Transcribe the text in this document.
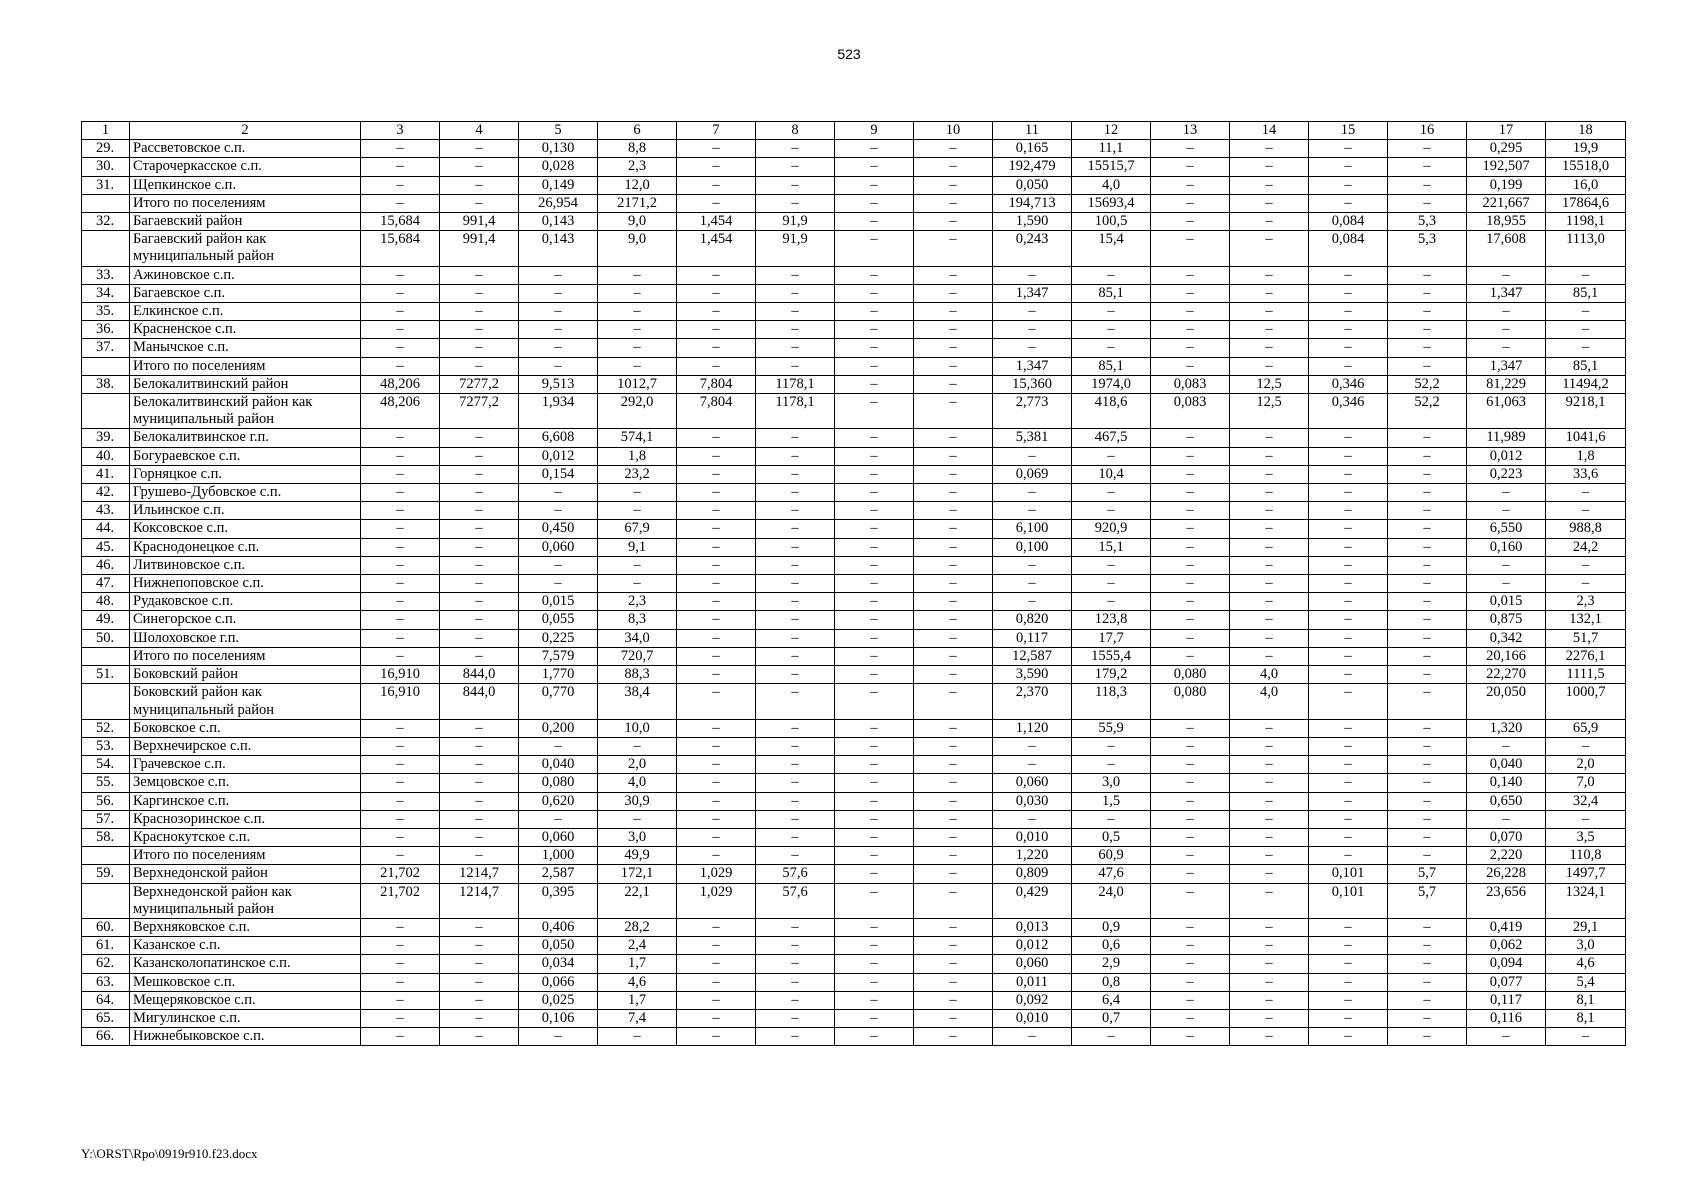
523
1	2	3	4	5	6	7	8	9	10	11	12	13	14	15	16	17	18
29.	Рассветовское с.п.	–	–	0,130	8,8	–	–	–	–	0,165	11,1	–	–	–	–	0,295	19,9
30.	Старочеркасское с.п.	–	–	0,028	2,3	–	–	–	–	192,479	15515,7	–	–	–	–	192,507	15518,0
31.	Щепкинское с.п.	–	–	0,149	12,0	–	–	–	–	0,050	4,0	–	–	–	–	0,199	16,0
	Итого по поселениям	–	–	26,954	2171,2	–	–	–	–	194,713	15693,4	–	–	–	–	221,667	17864,6
32.	Багаевский район	15,684	991,4	0,143	9,0	1,454	91,9	–	–	1,590	100,5	–	–	0,084	5,3	18,955	1198,1
	Багаевский район как муниципальный район	15,684	991,4	0,143	9,0	1,454	91,9	–	–	0,243	15,4	–	–	0,084	5,3	17,608	1113,0
33.	Ажиновское с.п.	–	–	–	–	–	–	–	–	–	–	–	–	–	–	–	–
34.	Багаевское с.п.	–	–	–	–	–	–	–	–	1,347	85,1	–	–	–	–	1,347	85,1
35.	Елкинское с.п.	–	–	–	–	–	–	–	–	–	–	–	–	–	–	–	–
36.	Красненское с.п.	–	–	–	–	–	–	–	–	–	–	–	–	–	–	–	–
37.	Манычское с.п.	–	–	–	–	–	–	–	–	–	–	–	–	–	–	–	–
	Итого по поселениям	–	–	–	–	–	–	–	–	1,347	85,1	–	–	–	–	1,347	85,1
38.	Белокалитвинский район	48,206	7277,2	9,513	1012,7	7,804	1178,1	–	–	15,360	1974,0	0,083	12,5	0,346	52,2	81,229	11494,2
	Белокалитвинский район как муниципальный район	48,206	7277,2	1,934	292,0	7,804	1178,1	–	–	2,773	418,6	0,083	12,5	0,346	52,2	61,063	9218,1
39.	Белокалитвинское г.п.	–	–	6,608	574,1	–	–	–	–	5,381	467,5	–	–	–	–	11,989	1041,6
40.	Богураевское с.п.	–	–	0,012	1,8	–	–	–	–	–	–	–	–	–	–	0,012	1,8
41.	Горняцкое с.п.	–	–	0,154	23,2	–	–	–	–	0,069	10,4	–	–	–	–	0,223	33,6
42.	Грушево-Дубовское с.п.	–	–	–	–	–	–	–	–	–	–	–	–	–	–	–	–
43.	Ильинское с.п.	–	–	–	–	–	–	–	–	–	–	–	–	–	–	–	–
44.	Коксовское с.п.	–	–	0,450	67,9	–	–	–	–	6,100	920,9	–	–	–	–	6,550	988,8
45.	Краснодонецкое с.п.	–	–	0,060	9,1	–	–	–	–	0,100	15,1	–	–	–	–	0,160	24,2
46.	Литвиновское с.п.	–	–	–	–	–	–	–	–	–	–	–	–	–	–	–	–
47.	Нижнепоповское с.п.	–	–	–	–	–	–	–	–	–	–	–	–	–	–	–	–
48.	Рудаковское с.п.	–	–	0,015	2,3	–	–	–	–	–	–	–	–	–	–	0,015	2,3
49.	Синегорское с.п.	–	–	0,055	8,3	–	–	–	–	0,820	123,8	–	–	–	–	0,875	132,1
50.	Шолоховское г.п.	–	–	0,225	34,0	–	–	–	–	0,117	17,7	–	–	–	–	0,342	51,7
	Итого по поселениям	–	–	7,579	720,7	–	–	–	–	12,587	1555,4	–	–	–	–	20,166	2276,1
51.	Боковский район	16,910	844,0	1,770	88,3	–	–	–	–	3,590	179,2	0,080	4,0	–	–	22,270	1111,5
	Боковский район как муниципальный район	16,910	844,0	0,770	38,4	–	–	–	–	2,370	118,3	0,080	4,0	–	–	20,050	1000,7
52.	Боковское с.п.	–	–	0,200	10,0	–	–	–	–	1,120	55,9	–	–	–	–	1,320	65,9
53.	Верхнечирское с.п.	–	–	–	–	–	–	–	–	–	–	–	–	–	–	–	–
54.	Грачевское с.п.	–	–	0,040	2,0	–	–	–	–	–	–	–	–	–	–	0,040	2,0
55.	Земцовское с.п.	–	–	0,080	4,0	–	–	–	–	0,060	3,0	–	–	–	–	0,140	7,0
56.	Каргинское с.п.	–	–	0,620	30,9	–	–	–	–	0,030	1,5	–	–	–	–	0,650	32,4
57.	Краснозоринское с.п.	–	–	–	–	–	–	–	–	–	–	–	–	–	–	–	–
58.	Краснокутское с.п.	–	–	0,060	3,0	–	–	–	–	0,010	0,5	–	–	–	–	0,070	3,5
	Итого по поселениям	–	–	1,000	49,9	–	–	–	–	1,220	60,9	–	–	–	–	2,220	110,8
59.	Верхнедонской район	21,702	1214,7	2,587	172,1	1,029	57,6	–	–	0,809	47,6	–	–	0,101	5,7	26,228	1497,7
	Верхнедонской район как муниципальный район	21,702	1214,7	0,395	22,1	1,029	57,6	–	–	0,429	24,0	–	–	0,101	5,7	23,656	1324,1
60.	Верхняковское с.п.	–	–	0,406	28,2	–	–	–	–	0,013	0,9	–	–	–	–	0,419	29,1
61.	Казанское с.п.	–	–	0,050	2,4	–	–	–	–	0,012	0,6	–	–	–	–	0,062	3,0
62.	Казансколопатинское с.п.	–	–	0,034	1,7	–	–	–	–	0,060	2,9	–	–	–	–	0,094	4,6
63.	Мешковское с.п.	–	–	0,066	4,6	–	–	–	–	0,011	0,8	–	–	–	–	0,077	5,4
64.	Мещеряковское с.п.	–	–	0,025	1,7	–	–	–	–	0,092	6,4	–	–	–	–	0,117	8,1
65.	Мигулинское с.п.	–	–	0,106	7,4	–	–	–	–	0,010	0,7	–	–	–	–	0,116	8,1
66.	Нижнебыковское с.п.	–	–	–	–	–	–	–	–	–	–	–	–	–	–	–	–
Y:\ORST\Rpo\0919r910.f23.docx
